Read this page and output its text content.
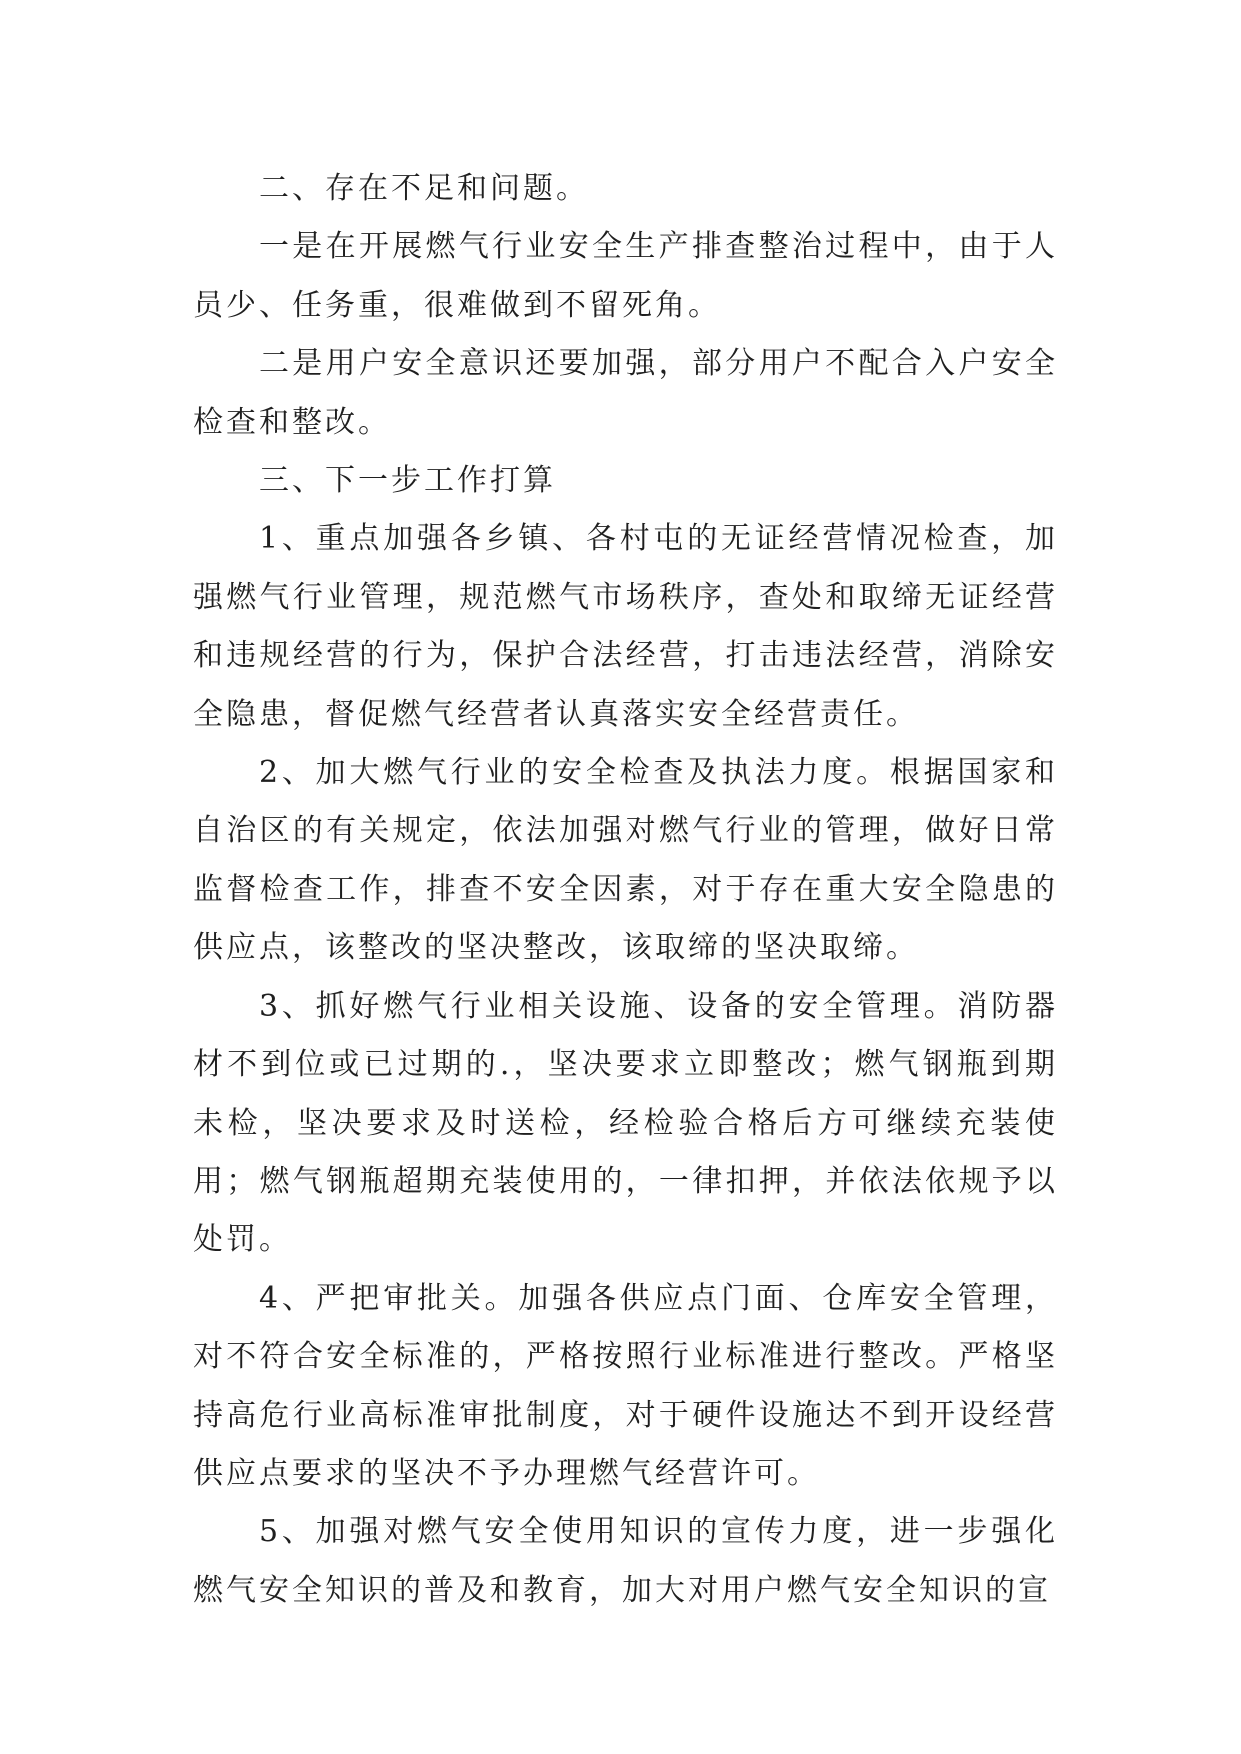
二、存在不足和问题。

一是在开展燃气行业安全生产排查整治过程中，由于人员少、任务重，很难做到不留死角。

二是用户安全意识还要加强，部分用户不配合入户安全检查和整改。

三、下一步工作打算

1、重点加强各乡镇、各村屯的无证经营情况检查，加强燃气行业管理，规范燃气市场秩序，查处和取缔无证经营和违规经营的行为，保护合法经营，打击违法经营，消除安全隐患，督促燃气经营者认真落实安全经营责任。

2、加大燃气行业的安全检查及执法力度。根据国家和自治区的有关规定，依法加强对燃气行业的管理，做好日常监督检查工作，排查不安全因素，对于存在重大安全隐患的供应点，该整改的坚决整改，该取缔的坚决取缔。

3、抓好燃气行业相关设施、设备的安全管理。消防器材不到位或已过期的.，坚决要求立即整改；燃气钢瓶到期未检，坚决要求及时送检，经检验合格后方可继续充装使用；燃气钢瓶超期充装使用的，一律扣押，并依法依规予以处罚。

4、严把审批关。加强各供应点门面、仓库安全管理，对不符合安全标准的，严格按照行业标准进行整改。严格坚持高危行业高标准审批制度，对于硬件设施达不到开设经营供应点要求的坚决不予办理燃气经营许可。

5、加强对燃气安全使用知识的宣传力度，进一步强化燃气安全知识的普及和教育，加大对用户燃气安全知识的宣
